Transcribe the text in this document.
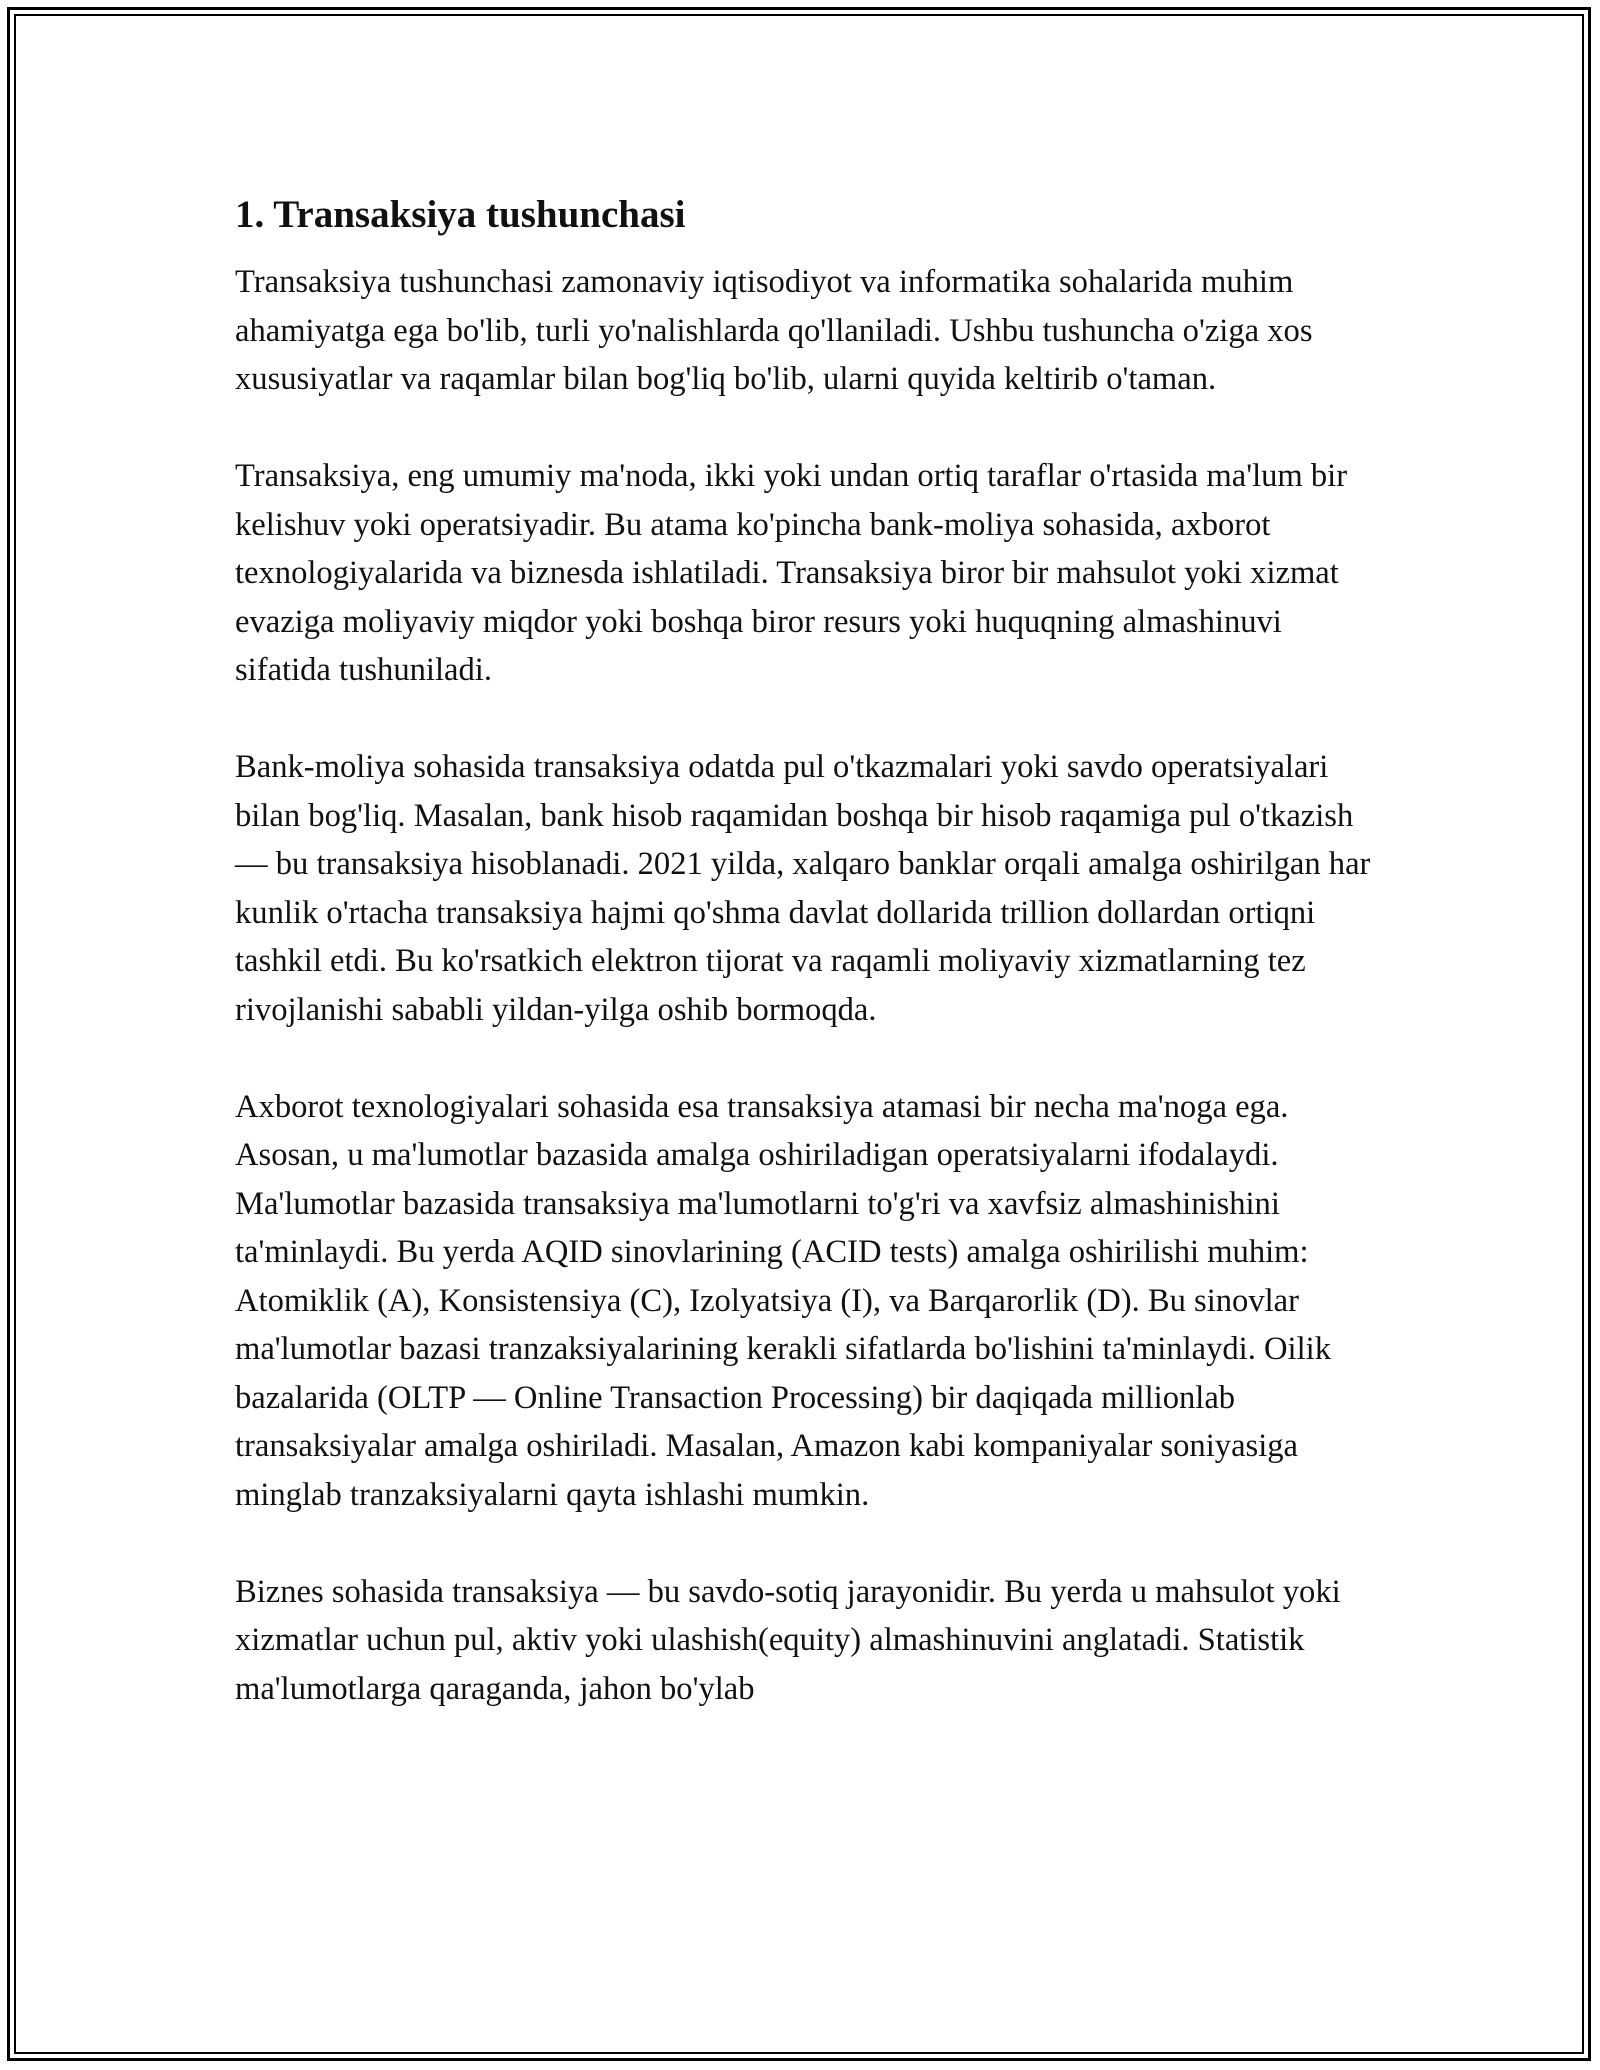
1. Transaksiya tushunchasi

Transaksiya tushunchasi zamonaviy iqtisodiyot va informatika sohalarida muhim ahamiyatga ega bo'lib, turli yo'nalishlarda qo'llaniladi. Ushbu tushuncha o'ziga xos xususiyatlar va raqamlar bilan bog'liq bo'lib, ularni quyida keltirib o'taman.

Transaksiya, eng umumiy ma'noda, ikki yoki undan ortiq taraflar o'rtasida ma'lum bir kelishuv yoki operatsiyadir. Bu atama ko'pincha bank-moliya sohasida, axborot texnologiyalarida va biznesda ishlatiladi. Transaksiya biror bir mahsulot yoki xizmat evaziga moliyaviy miqdor yoki boshqa biror resurs yoki huquqning almashinuvi sifatida tushuniladi.

Bank-moliya sohasida transaksiya odatda pul o'tkazmalari yoki savdo operatsiyalari bilan bog'liq. Masalan, bank hisob raqamidan boshqa bir hisob raqamiga pul o'tkazish — bu transaksiya hisoblanadi. 2021 yilda, xalqaro banklar orqali amalga oshirilgan har kunlik o'rtacha transaksiya hajmi qo'shma davlat dollarida trillion dollardan ortiqni tashkil etdi. Bu ko'rsatkich elektron tijorat va raqamli moliyaviy xizmatlarning tez rivojlanishi sababli yildan-yilga oshib bormoqda.

Axborot texnologiyalari sohasida esa transaksiya atamasi bir necha ma'noga ega. Asosan, u ma'lumotlar bazasida amalga oshiriladigan operatsiyalarni ifodalaydi. Ma'lumotlar bazasida transaksiya ma'lumotlarni to'g'ri va xavfsiz almashinishini ta'minlaydi. Bu yerda AQID sinovlarining (ACID tests) amalga oshirilishi muhim: Atomiklik (A), Konsistensiya (C), Izolyatsiya (I), va Barqarorlik (D). Bu sinovlar ma'lumotlar bazasi tranzaksiyalarining kerakli sifatlarda bo'lishini ta'minlaydi. Oilik bazalarida (OLTP — Online Transaction Processing) bir daqiqada millionlab transaksiyalar amalga oshiriladi. Masalan, Amazon kabi kompaniyalar soniyasiga minglab tranzaksiyalarni qayta ishlashi mumkin.

Biznes sohasida transaksiya — bu savdo-sotiq jarayonidir. Bu yerda u mahsulot yoki xizmatlar uchun pul, aktiv yoki ulashish(equity) almashinuvini anglatadi. Statistik ma'lumotlarga qaraganda, jahon bo'ylab
